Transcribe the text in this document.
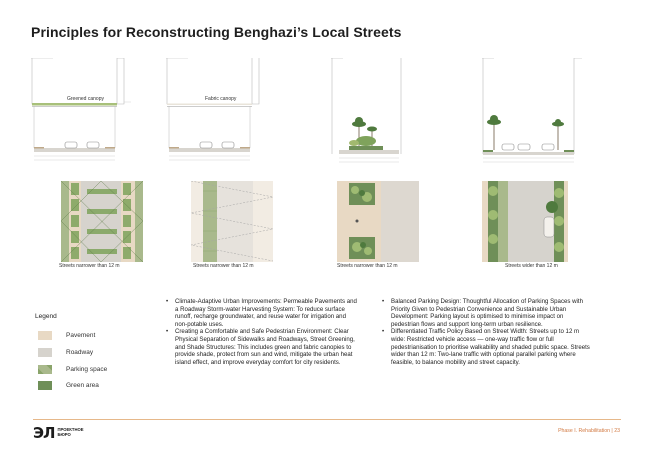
Principles for Reconstructing Benghazi’s Local Streets
Greened canopy	Fabric canopy
Streets narrower than 12 m	Streets narrower than 12 m	Streets narrower than 12 m	Streets wider than 12 m
Legend
Pavement
Roadway
Parking space
Green area
• Climate-Adaptive Urban Improvements: Permeable Pavements and a Roadway Storm-water Harvesting System: To reduce surface runoff, recharge groundwater, and reuse water for irrigation and non-potable uses.
• Creating a Comfortable and Safe Pedestrian Environment: Clear Physical Separation of Sidewalks and Roadways, Street Greening, and Shade Structures: This includes green and fabric canopies to provide shade, protect from sun and wind, mitigate the urban heat island effect, and improve everyday comfort for city residents.
• Balanced Parking Design: Thoughtful Allocation of Parking Spaces with Priority Given to Pedestrian Convenience and Sustainable Urban Development: Parking layout is optimised to minimise impact on pedestrian flows and support long-term urban resilience.
• Differentiated Traffic Policy Based on Street Width: Streets up to 12 m wide: Restricted vehicle access — one-way traffic flow or full pedestrianisation to prioritise walkability and shaded public space. Streets wider than 12 m: Two-lane traffic with optional parallel parking where feasible, to balance mobility and street capacity.
ЭЛ ПРОЕКТНОЕ
БЮРО
Phase I. Rehabilitation | 23
